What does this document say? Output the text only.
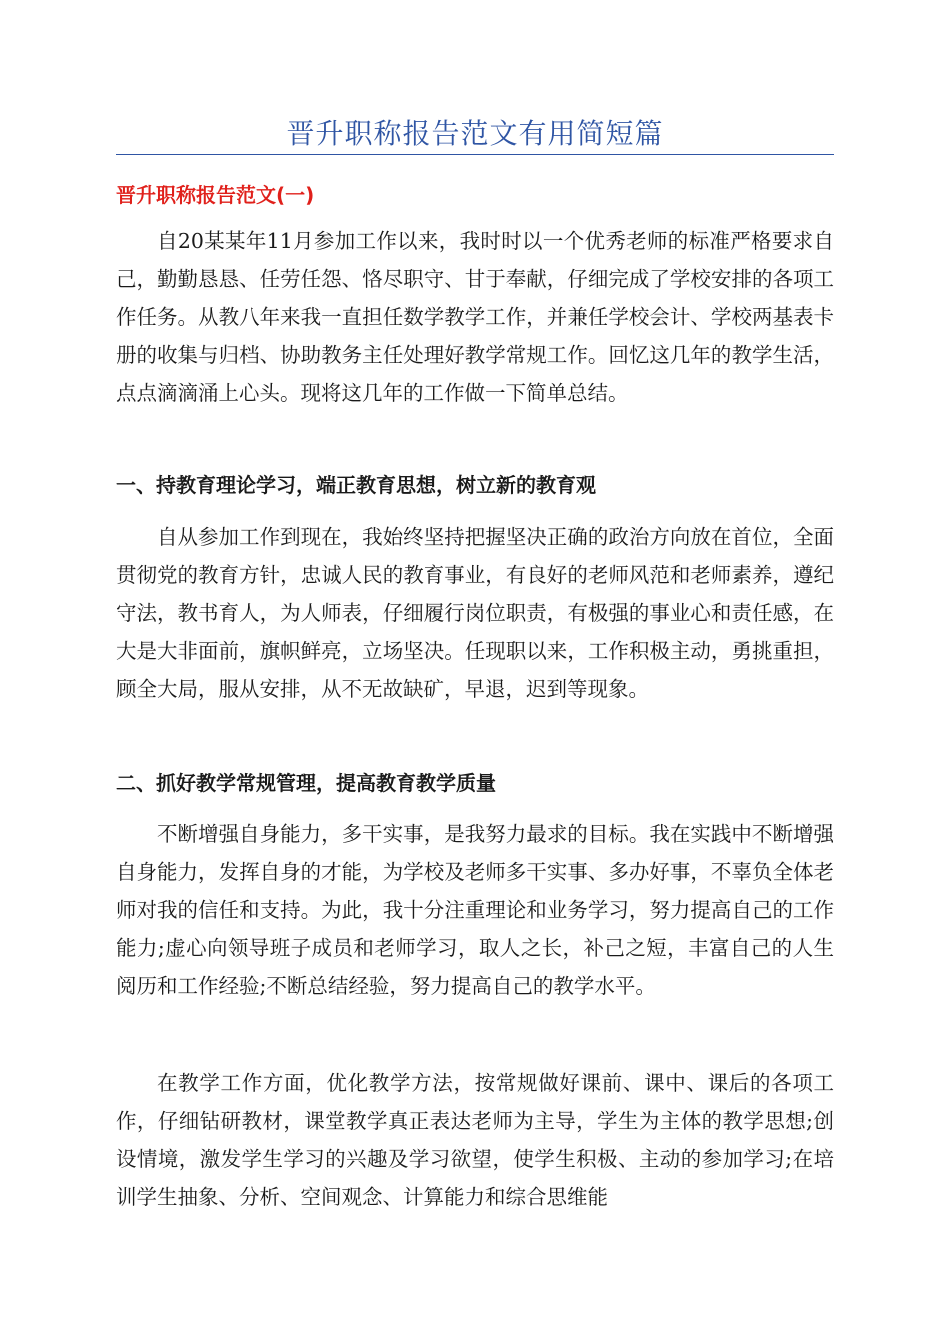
晋升职称报告范文有用简短篇
晋升职称报告范文(一)

自20某某年11月参加工作以来，我时时以一个优秀老师的标准严格要求自己，勤勤恳恳、任劳任怨、恪尽职守、甘于奉献，仔细完成了学校安排的各项工作任务。从教八年来我一直担任数学教学工作，并兼任学校会计、学校两基表卡册的收集与归档、协助教务主任处理好教学常规工作。回忆这几年的教学生活，点点滴滴涌上心头。现将这几年的工作做一下简单总结。

一、持教育理论学习，端正教育思想，树立新的教育观

自从参加工作到现在，我始终坚持把握坚决正确的政治方向放在首位，全面贯彻党的教育方针，忠诚人民的教育事业，有良好的老师风范和老师素养，遵纪守法，教书育人，为人师表，仔细履行岗位职责，有极强的事业心和责任感，在大是大非面前，旗帜鲜亮，立场坚决。任现职以来，工作积极主动，勇挑重担，顾全大局，服从安排，从不无故缺矿，早退，迟到等现象。

二、抓好教学常规管理，提高教育教学质量

不断增强自身能力，多干实事，是我努力最求的目标。我在实践中不断增强自身能力，发挥自身的才能，为学校及老师多干实事、多办好事，不辜负全体老师对我的信任和支持。为此，我十分注重理论和业务学习，努力提高自己的工作能力;虚心向领导班子成员和老师学习，取人之长，补己之短，丰富自己的人生阅历和工作经验;不断总结经验，努力提高自己的教学水平。

在教学工作方面，优化教学方法，按常规做好课前、课中、课后的各项工作，仔细钻研教材，课堂教学真正表达老师为主导，学生为主体的教学思想;创设情境，激发学生学习的兴趣及学习欲望，使学生积极、主动的参加学习;在培训学生抽象、分析、空间观念、计算能力和综合思维能
